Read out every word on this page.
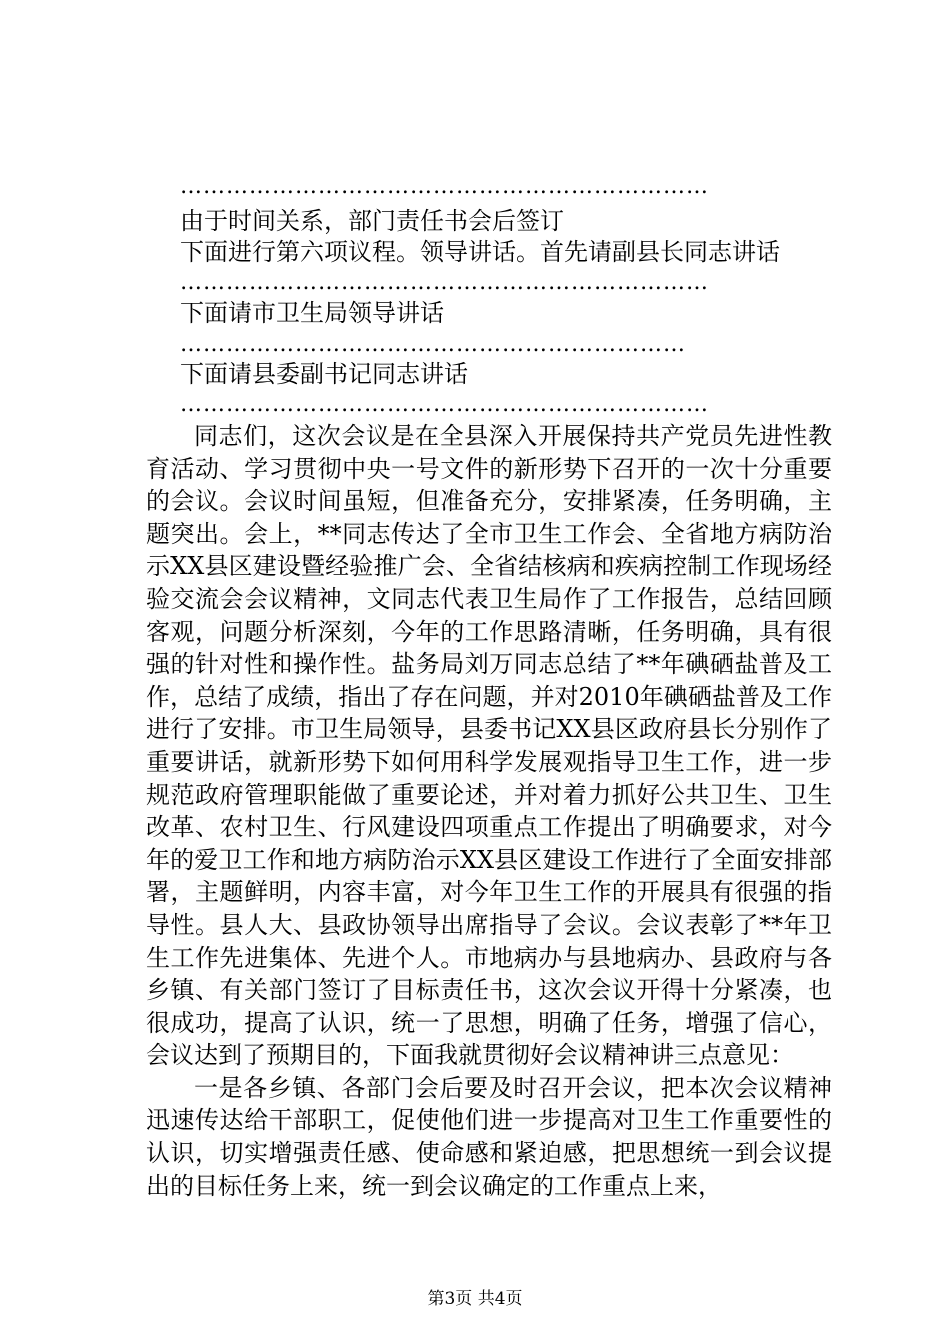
……………………………………………………………
由于时间关系，部门责任书会后签订
下面进行第六项议程。领导讲话。首先请副县长同志讲话
……………………………………………………………
下面请市卫生局领导讲话
…………………………………………………………
下面请县委副书记同志讲话
……………………………………………………………

同志们，这次会议是在全县深入开展保持共产党员先进性教育活动、学习贯彻中央一号文件的新形势下召开的一次十分重要的会议。会议时间虽短，但准备充分，安排紧凑，任务明确，主题突出。会上，**同志传达了全市卫生工作会、全省地方病防治示XX县区建设暨经验推广会、全省结核病和疾病控制工作现场经验交流会会议精神，文同志代表卫生局作了工作报告，总结回顾客观，问题分析深刻，今年的工作思路清晰，任务明确，具有很强的针对性和操作性。盐务局刘万同志总结了**年碘硒盐普及工作，总结了成绩，指出了存在问题，并对2010年碘硒盐普及工作进行了安排。市卫生局领导，县委书记XX县区政府县长分别作了重要讲话，就新形势下如何用科学发展观指导卫生工作，进一步规范政府管理职能做了重要论述，并对着力抓好公共卫生、卫生改革、农村卫生、行风建设四项重点工作提出了明确要求，对今年的爱卫工作和地方病防治示XX县区建设工作进行了全面安排部署，主题鲜明，内容丰富，对今年卫生工作的开展具有很强的指导性。县人大、县政协领导出席指导了会议。会议表彰了**年卫生工作先进集体、先进个人。市地病办与县地病办、县政府与各乡镇、有关部门签订了目标责任书，这次会议开得十分紧凑，也很成功，提高了认识，统一了思想，明确了任务，增强了信心，会议达到了预期目的，下面我就贯彻好会议精神讲三点意见：

一是各乡镇、各部门会后要及时召开会议，把本次会议精神迅速传达给干部职工，促使他们进一步提高对卫生工作重要性的认识，切实增强责任感、使命感和紧迫感，把思想统一到会议提出的目标任务上来，统一到会议确定的工作重点上来，

第3页 共4页
